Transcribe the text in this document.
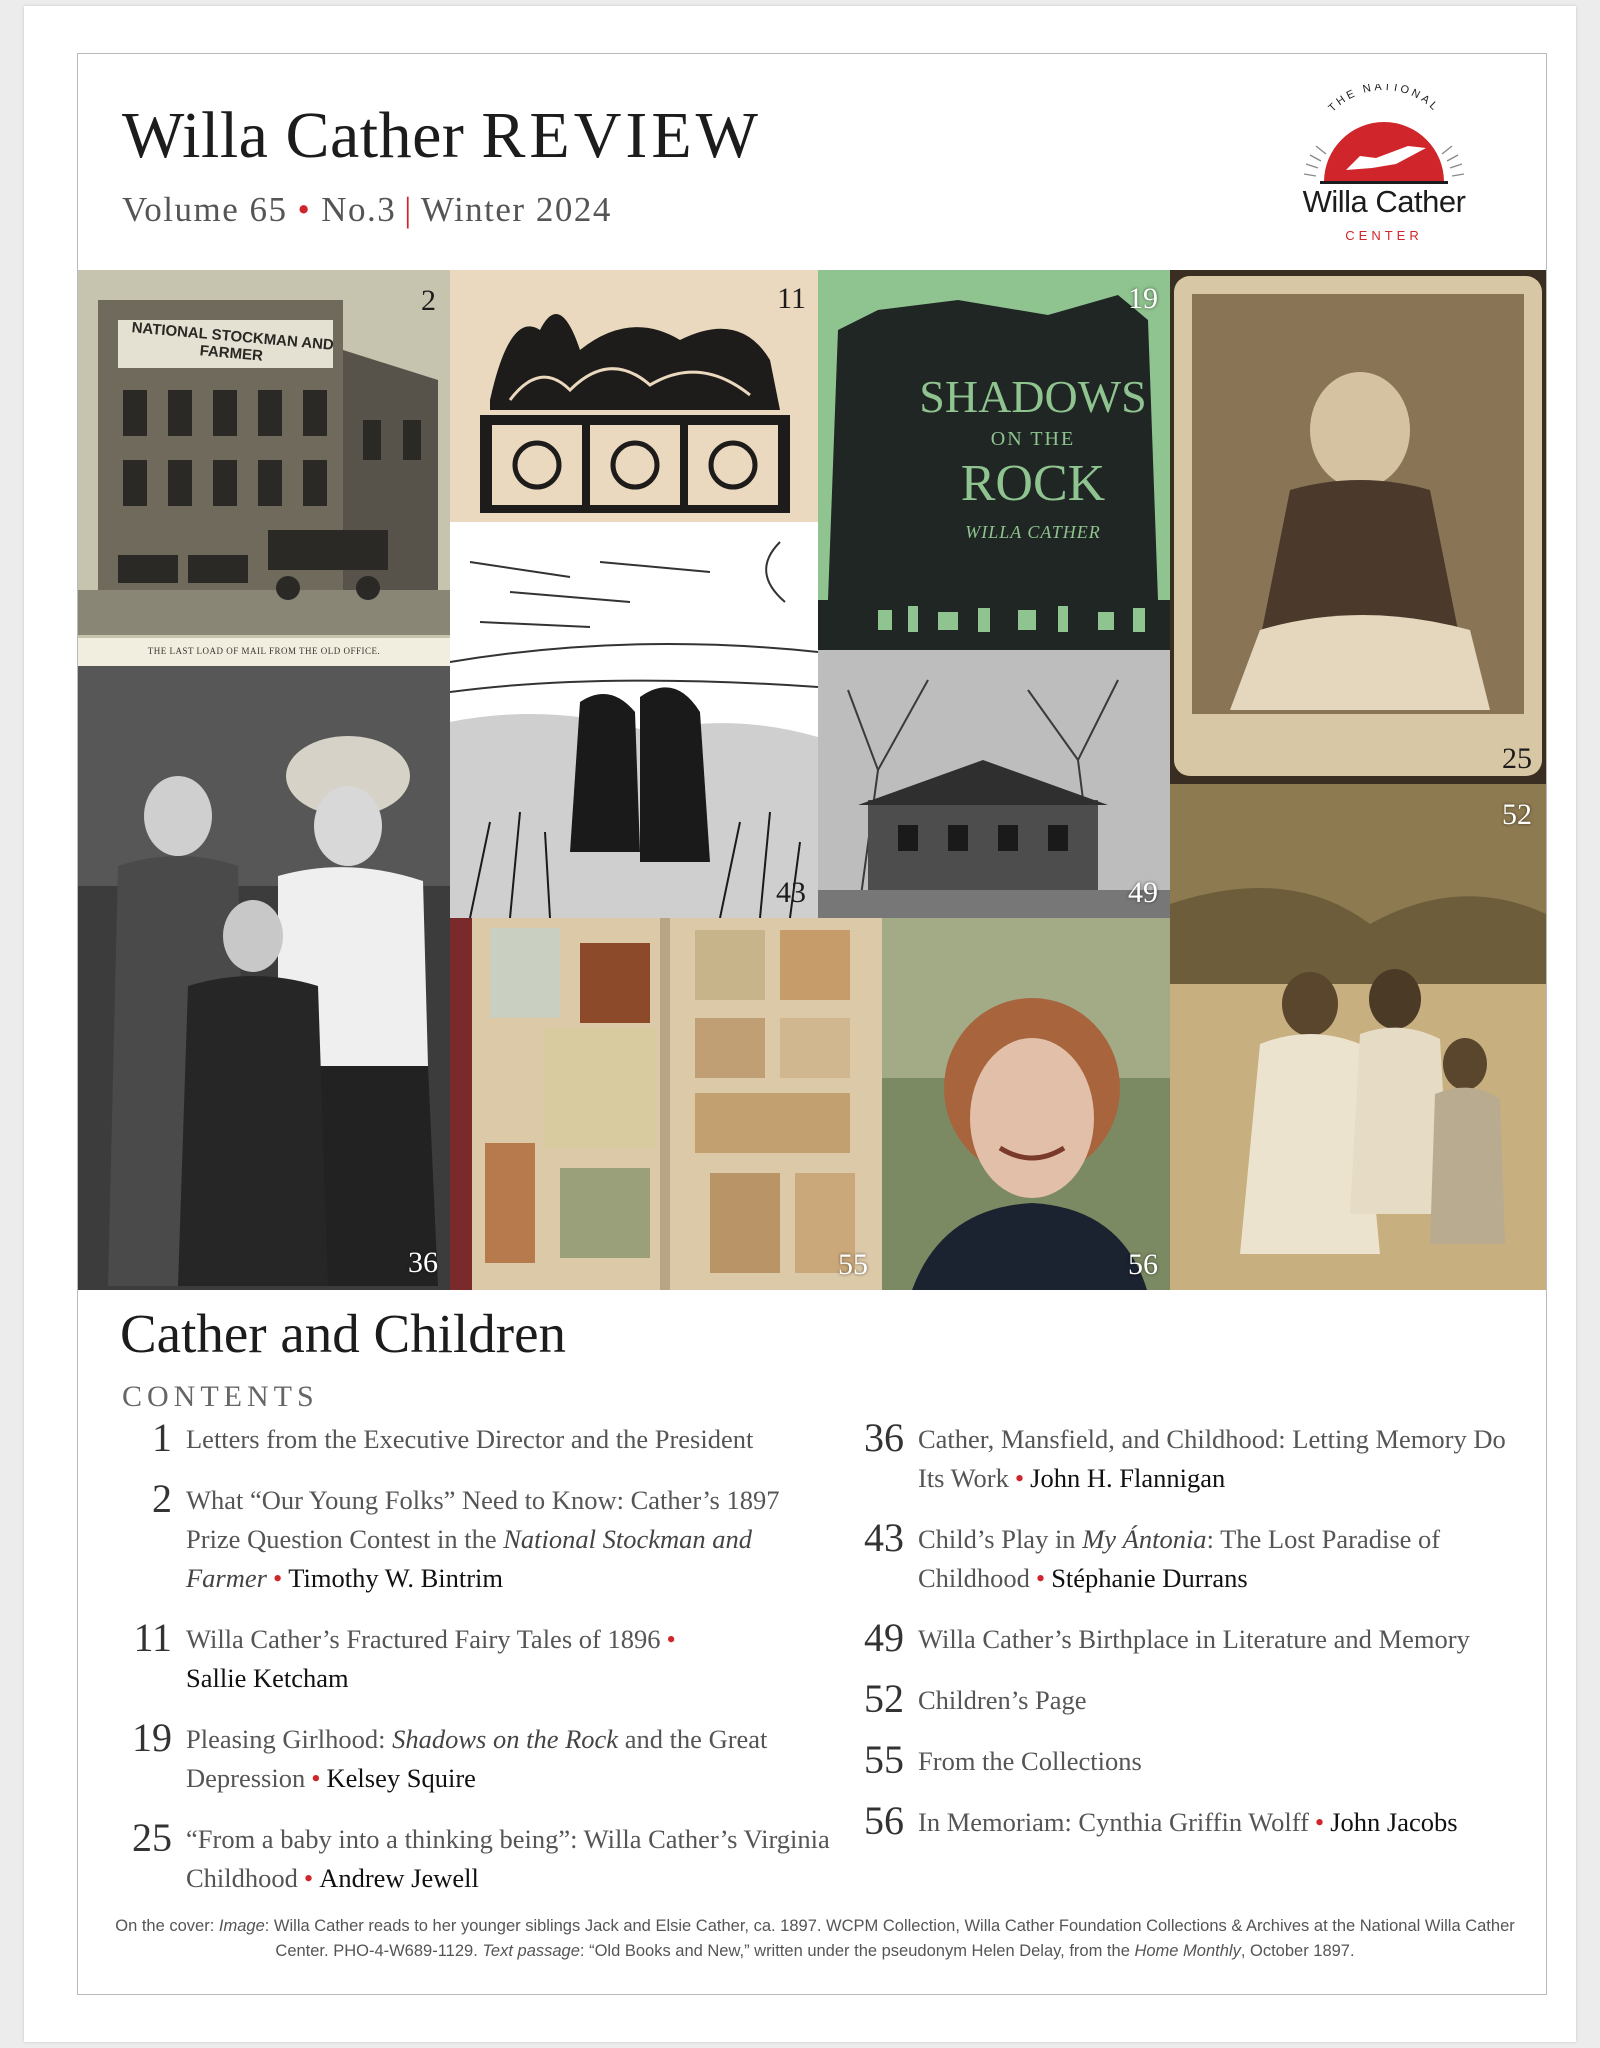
Willa Cather REVIEW
Volume 65 • No.3 | Winter 2024
THE NATIONAL
Willa Cather
CENTER
NATIONAL STOCKMAN AND FARMER
THE LAST LOAD OF MAIL FROM THE OLD OFFICE.
2	11
SHADOWS
ON THE
ROCK
WILLA CATHER
19
25
36
43	49
52
55	56
Cather and Children
CONTENTS
1 Letters from the Executive Director and the President
2 What “Our Young Folks” Need to Know: Cather’s 1897 Prize Question Contest in the National Stockman and Farmer • Timothy W. Bintrim
11 Willa Cather’s Fractured Fairy Tales of 1896 •
Sallie Ketcham
19 Pleasing Girlhood: Shadows on the Rock and the Great Depression • Kelsey Squire
25 “From a baby into a thinking being”: Willa Cather’s Virginia Childhood • Andrew Jewell
36 Cather, Mansfield, and Childhood: Letting Memory Do Its Work • John H. Flannigan
43 Child’s Play in My Ántonia: The Lost Paradise of Childhood • Stéphanie Durrans
49 Willa Cather’s Birthplace in Literature and Memory
52 Children’s Page
55 From the Collections
56 In Memoriam: Cynthia Griffin Wolff • John Jacobs
On the cover: Image: Willa Cather reads to her younger siblings Jack and Elsie Cather, ca. 1897. WCPM Collection, Willa Cather Foundation Collections & Archives at the National Willa Cather Center. PHO-4-W689-1129. Text passage: “Old Books and New,” written under the pseudonym Helen Delay, from the Home Monthly, October 1897.
